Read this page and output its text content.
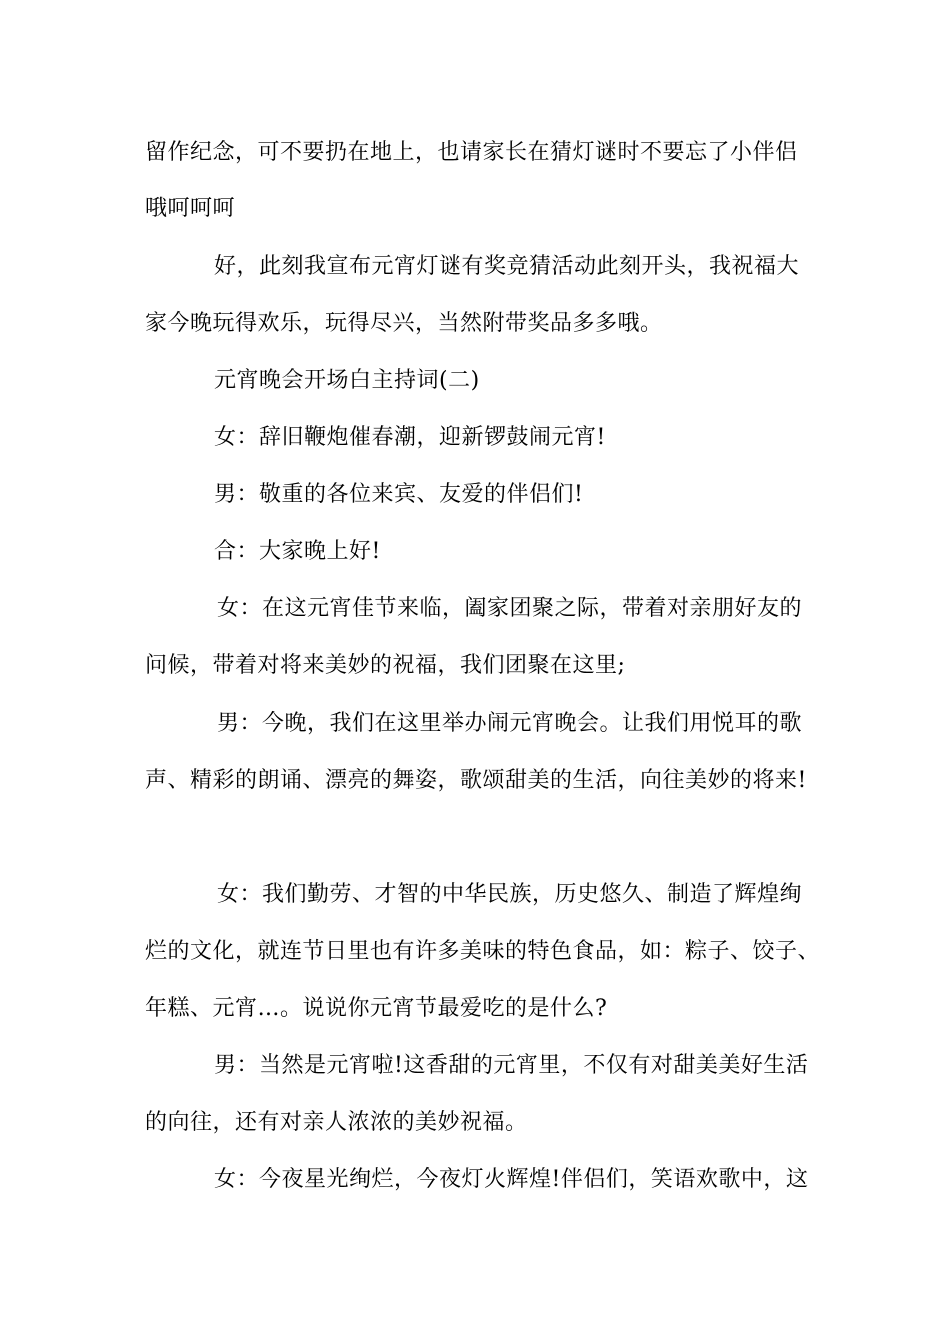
留作纪念，可不要扔在地上，也请家长在猜灯谜时不要忘了小伴侣
哦呵呵呵
好，此刻我宣布元宵灯谜有奖竞猜活动此刻开头，我祝福大
家今晚玩得欢乐，玩得尽兴，当然附带奖品多多哦。
元宵晚会开场白主持词(二)
女：辞旧鞭炮催春潮，迎新锣鼓闹元宵!
男：敬重的各位来宾、友爱的伴侣们!
合：大家晚上好!
女：在这元宵佳节来临，阖家团聚之际，带着对亲朋好友的
问候，带着对将来美妙的祝福，我们团聚在这里;
男：今晚，我们在这里举办闹元宵晚会。让我们用悦耳的歌
声、精彩的朗诵、漂亮的舞姿，歌颂甜美的生活，向往美妙的将来!
女：我们勤劳、才智的中华民族，历史悠久、制造了辉煌绚
烂的文化，就连节日里也有许多美味的特色食品，如：粽子、饺子、
年糕、元宵…。说说你元宵节最爱吃的是什么?
男：当然是元宵啦!这香甜的元宵里，不仅有对甜美美好生活
的向往，还有对亲人浓浓的美妙祝福。
女：今夜星光绚烂，今夜灯火辉煌!伴侣们，笑语欢歌中，这
